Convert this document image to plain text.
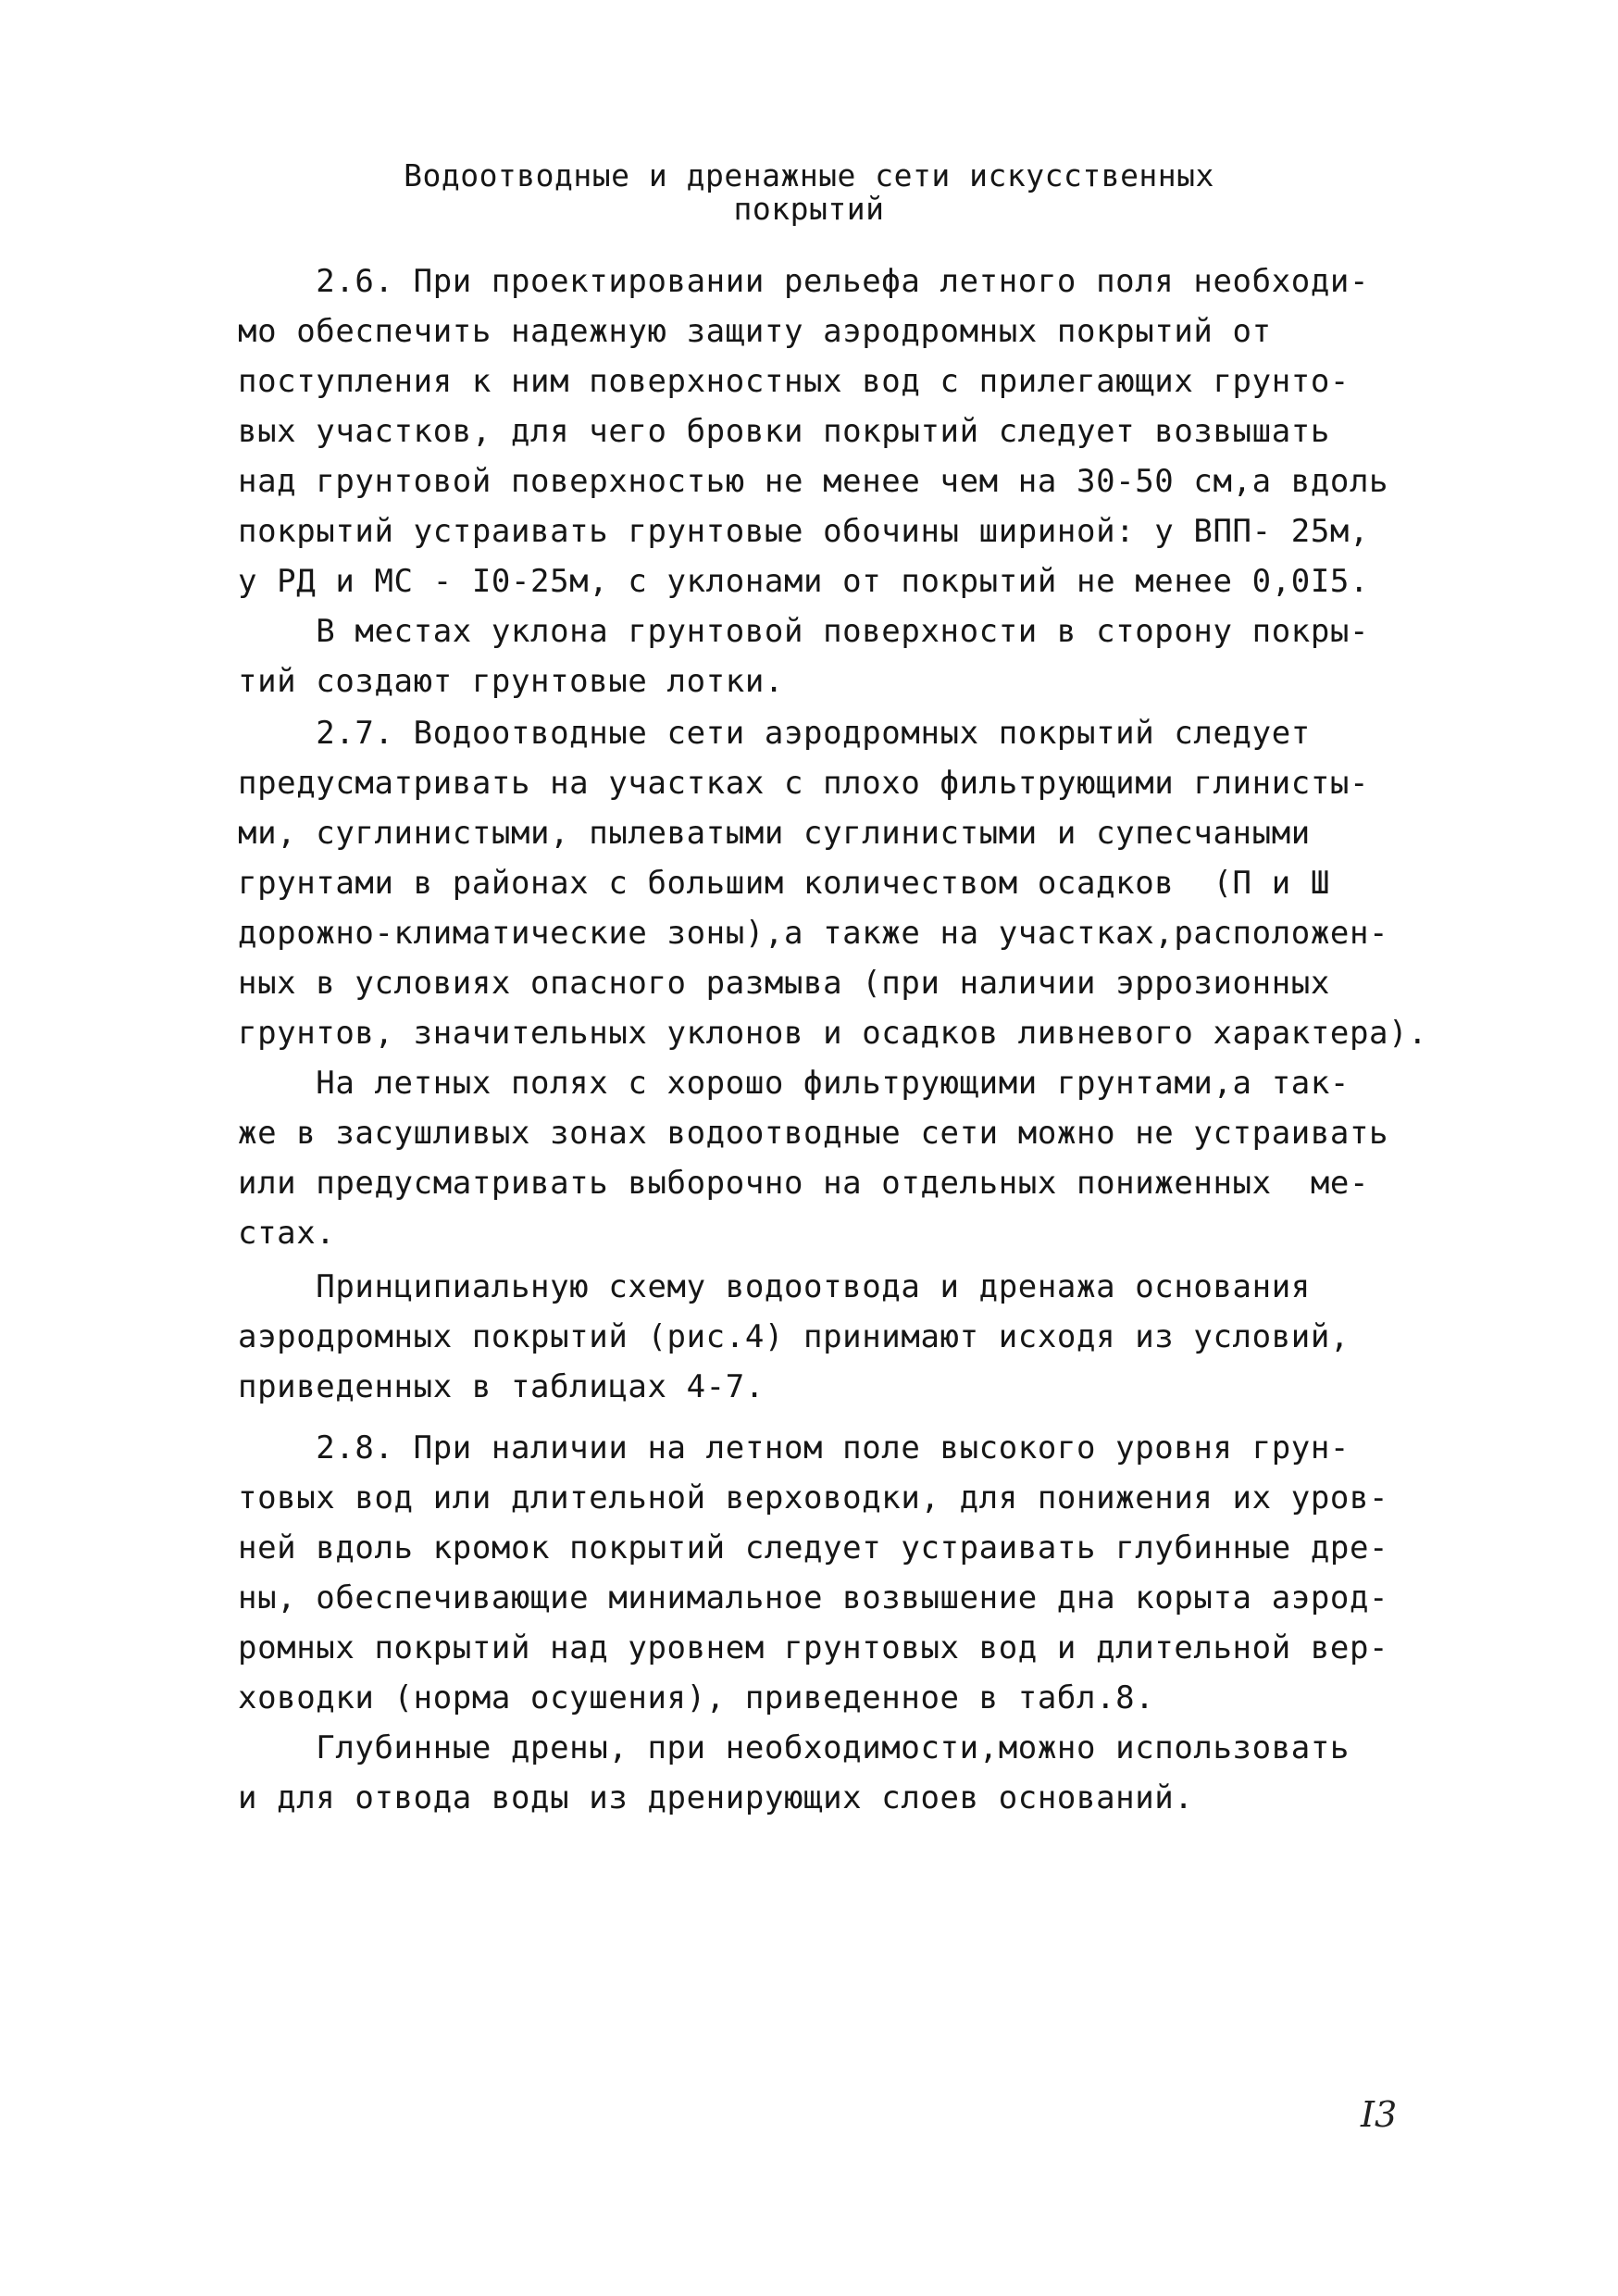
Водоотводные и дренажные сети искусственных
покрытий
2.6. При проектировании рельефа летного поля необходи-
мо обеспечить надежную защиту аэродромных покрытий от
поступления к ним поверхностных вод с прилегающих грунто-
вых участков, для чего бровки покрытий следует возвышать
над грунтовой поверхностью не менее чем на 30-50 см,а вдоль
покрытий устраивать грунтовые обочины шириной: у ВПП- 25м,
у РД и МС - I0-25м, с уклонами от покрытий не менее 0,0I5.
В местах уклона грунтовой поверхности в сторону покры-
тий создают грунтовые лотки.
2.7. Водоотводные сети аэродромных покрытий следует
предусматривать на участках с плохо фильтрующими глинисты-
ми, суглинистыми, пылеватыми суглинистыми и супесчаными
грунтами в районах с большим количеством осадков  (П и Ш
дорожно-климатические зоны),а также на участках,расположен-
ных в условиях опасного размыва (при наличии эррозионных
грунтов, значительных уклонов и осадков ливневого характера).
На летных полях с хорошо фильтрующими грунтами,а так-
же в засушливых зонах водоотводные сети можно не устраивать
или предусматривать выборочно на отдельных пониженных  ме-
стах.
Принципиальную схему водоотвода и дренажа основания
аэродромных покрытий (рис.4) принимают исходя из условий,
приведенных в таблицах 4-7.
2.8. При наличии на летном поле высокого уровня грун-
товых вод или длительной верховодки, для понижения их уров-
ней вдоль кромок покрытий следует устраивать глубинные дре-
ны, обеспечивающие минимальное возвышение дна корыта аэрод-
ромных покрытий над уровнем грунтовых вод и длительной вер-
ховодки (норма осушения), приведенное в табл.8.
Глубинные дрены, при необходимости,можно использовать
и для отвода воды из дренирующих слоев оснований.
I3
